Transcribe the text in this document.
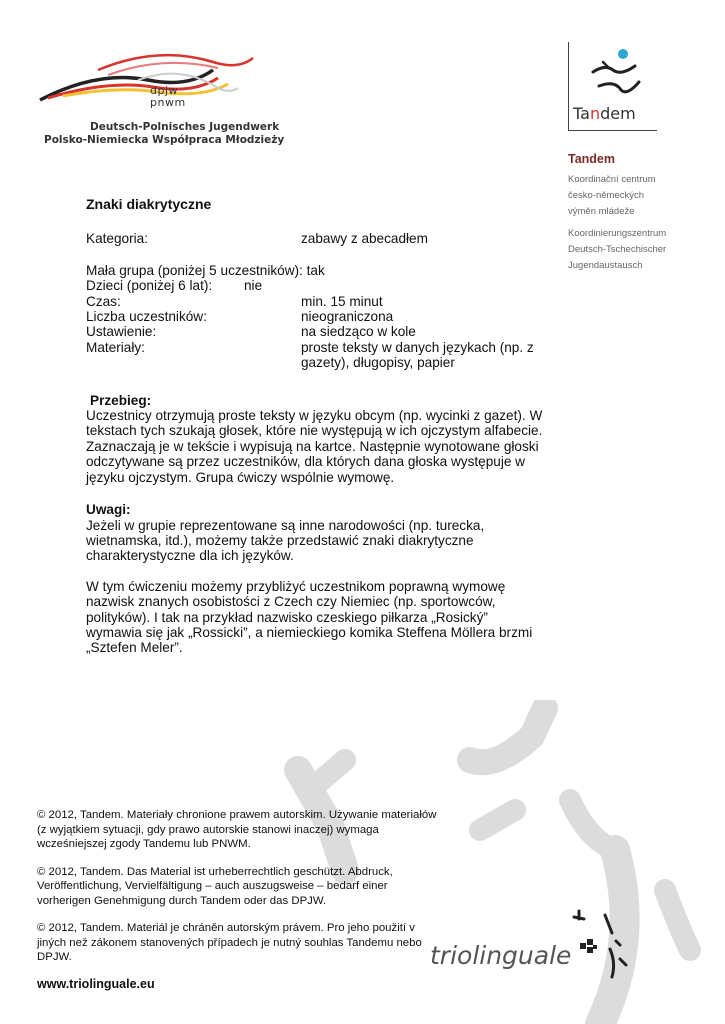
dpjw
pnwm
Deutsch-Polnisches Jugendwerk
Polsko-Niemiecka Współpraca Młodzieży
Tandem
Tandem
Koordinační centrum
česko-německých
výměn mládeže
Koordinierungszentrum
Deutsch-Tschechischer
Jugendaustausch
Znaki diakrytyczne
Kategoria:	zabawy z abecadłem
Mała grupa (poniżej 5 uczestników): tak
Dzieci (poniżej 6 lat): nie
Czas:	min. 15 minut
Liczba uczestników:	nieograniczona
Ustawienie:	na siedząco w kole
Materiały:	proste teksty w danych językach (np. z gazety), długopisy, papier
Przebieg:

Uczestnicy otrzymują proste teksty w języku obcym (np. wycinki z gazet). W tekstach tych szukają głosek, które nie występują w ich ojczystym alfabecie. Zaznaczają je w tekście i wypisują na kartce. Następnie wynotowane głoski odczytywane są przez uczestników, dla których dana głoska występuje w języku ojczystym. Grupa ćwiczy wspólnie wymowę.

Uwagi:

Jeżeli w grupie reprezentowane są inne narodowości (np. turecka, wietnamska, itd.), możemy także przedstawić znaki diakrytyczne charakterystyczne dla ich języków.

W tym ćwiczeniu możemy przybliżyć uczestnikom poprawną wymowę nazwisk znanych osobistości z Czech czy Niemiec (np. sportowców, polityków). I tak na przykład nazwisko czeskiego piłkarza „Rosický” wymawia się jak „Rossicki”, a niemieckiego komika Steffena Möllera brzmi „Sztefen Meler”.

© 2012, Tandem. Materiały chronione prawem autorskim. Używanie materiałów (z wyjątkiem sytuacji, gdy prawo autorskie stanowi inaczej) wymaga wcześniejszej zgody Tandemu lub PNWM.

© 2012, Tandem. Das Material ist urheberrechtlich geschützt. Abdruck, Veröffentlichung, Vervielfältigung – auch auszugsweise – bedarf einer vorherigen Genehmigung durch Tandem oder das DPJW.

© 2012, Tandem. Materiál je chráněn autorským právem. Pro jeho použití v jiných než zákonem stanovených případech je nutný souhlas Tandemu nebo DPJW.

www.triolinguale.eu
triolinguale
